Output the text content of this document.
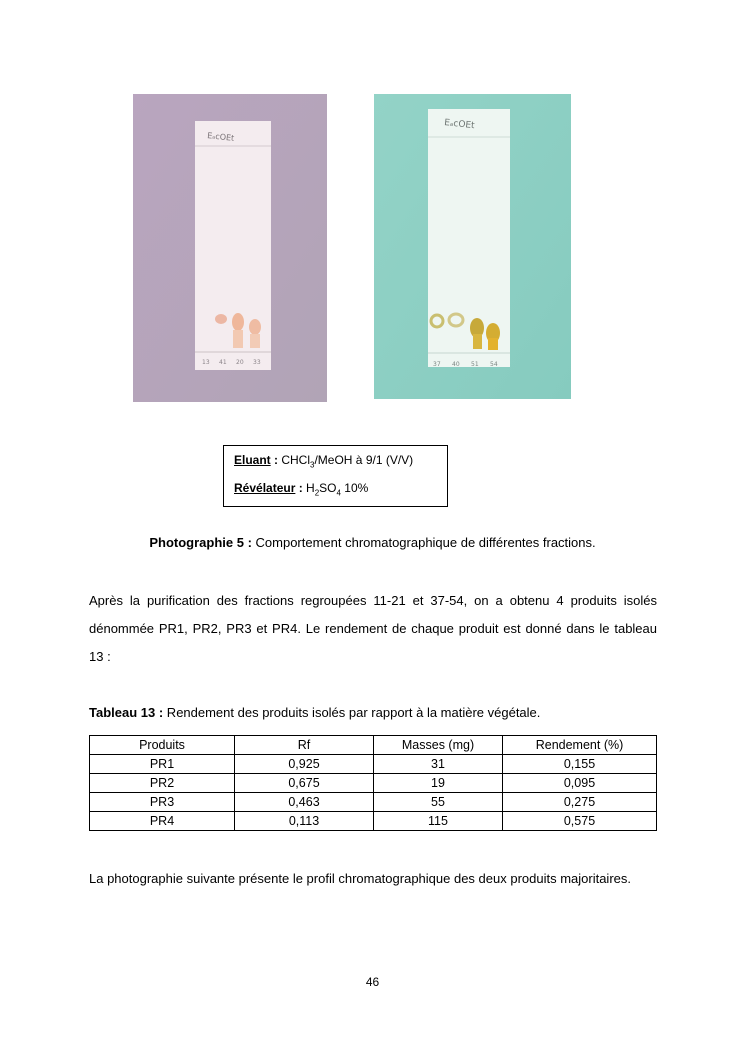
EₐcOEt
13 41 20 33
EₐcOEt
37 40 51 54
Eluant : CHCl$_3$/MeOH à 9/1 (V/V)
Révélateur : $H_2SO_4$ 10%
Photographie 5 : Comportement chromatographique de différentes fractions.
Après la purification des fractions regroupées 11-21 et 37-54, on a obtenu 4 produits isolés dénommée PR1, PR2, PR3 et PR4. Le rendement de chaque produit est donné dans le tableau 13 :
Tableau 13 : Rendement des produits isolés par rapport à la matière végétale.
Produits	Rf	Masses (mg)	Rendement (%)
PR1	0,925	31	0,155
PR2	0,675	19	0,095
PR3	0,463	55	0,275
PR4	0,113	115	0,575
La photographie suivante présente le profil chromatographique des deux produits majoritaires.
46
